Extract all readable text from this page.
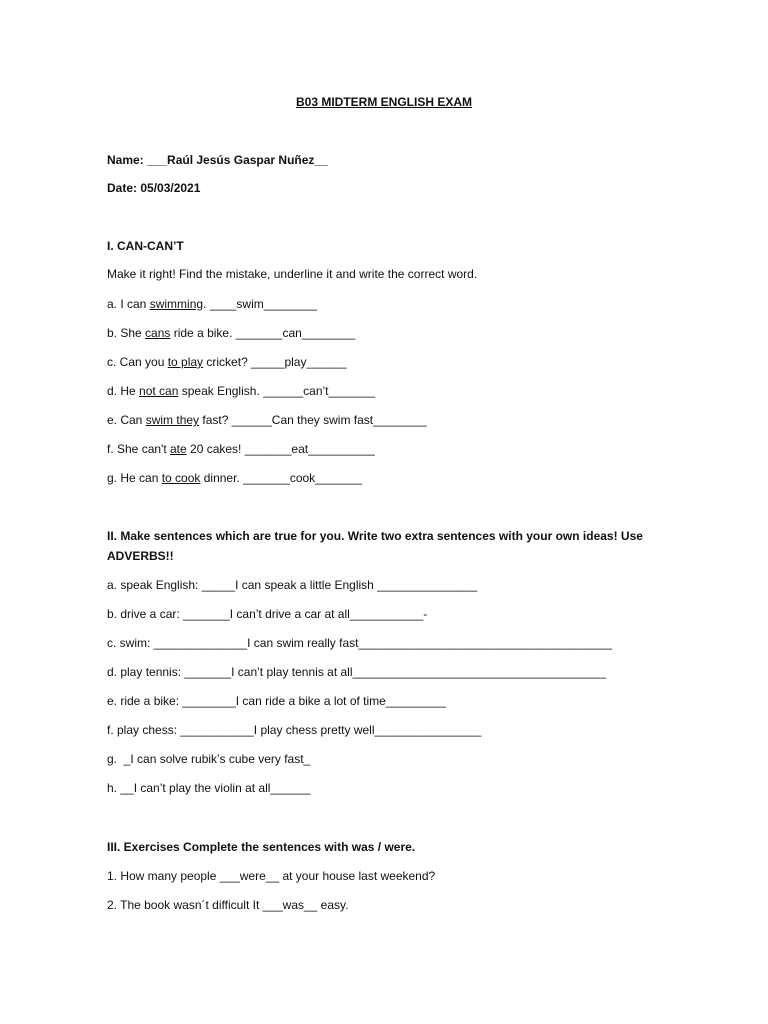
B03 MIDTERM ENGLISH EXAM
Name: ___Raúl Jesús Gaspar Nuñez__
Date: 05/03/2021
I. CAN-CAN’T
Make it right! Find the mistake, underline it and write the correct word.
a. I can swimming. ____swim________
b. She cans ride a bike. _______can________
c. Can you to play cricket? _____play______
d. He not can speak English. ______can’t_______
e. Can swim they fast? ______Can they swim fast________
f. She can't ate 20 cakes! _______eat__________
g. He can to cook dinner. _______cook_______
II. Make sentences which are true for you. Write two extra sentences with your own ideas! Use
ADVERBS!!
a. speak English: _____I can speak a little English _______________
b. drive a car: _______I can’t drive a car at all___________-
c. swim: ______________I can swim really fast______________________________________
d. play tennis: _______I can’t play tennis at all______________________________________
e. ride a bike: ________I can ride a bike a lot of time_________
f. play chess: ___________I play chess pretty well________________
g.  _I can solve rubik’s cube very fast_
h. __I can’t play the violin at all______
III. Exercises Complete the sentences with was / were.
1. How many people ___were__ at your house last weekend?
2. The book wasn´t difficult It ___was__ easy.
